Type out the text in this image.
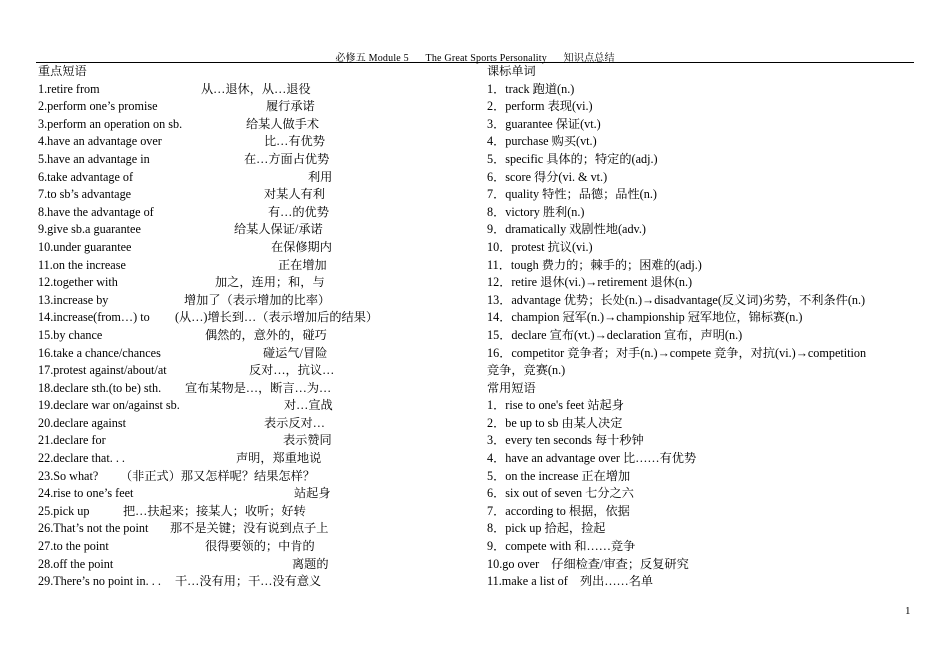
必修五 Module 5 The Great Sports Personality 知识点总结
重点短语
1.retire from	从…退休，从…退役
2.perform one’s promise	履行承诺
3.perform an operation on sb.	给某人做手术
4.have an advantage over	比…有优势
5.have an advantage in	在…方面占优势
6.take advantage of	利用
7.to sb’s advantage	对某人有利
8.have the advantage of	有…的优势
9.give sb.a guarantee	给某人保证/承诺
10.under guarantee	在保修期内
11.on the increase	正在增加
12.together with	加之，连用；和，与
13.increase by	增加了（表示增加的比率）
14.increase(from…) to (从…)增长到…（表示增加后的结果）
15.by chance	偶然的，意外的，碰巧
16.take a chance/chances	碰运气/冒险
17.protest against/about/at	反对…，抗议…
18.declare sth.(to be) sth. 宣布某物是…，断言…为…
19.declare war on/against sb.	对…宣战
20.declare against	表示反对…
21.declare for	表示赞同
22.declare that. . .	声明，郑重地说
23.So what? （非正式）那又怎样呢？结果怎样？
24.rise to one’s feet	站起身
25.pick up	把…扶起来；接某人；收听；好转
26.That’s not the point 那不是关键；没有说到点子上
27.to the point	很得要领的；中肯的
28.off the point	离题的
29.There’s no point in. . . 干…没有用；干…没有意义
课标单词
1．track 跑道(n.)
2．perform 表现(vi.)
3．guarantee 保证(vt.)
4．purchase 购买(vt.)
5．specific 具体的；特定的(adj.)
6．score 得分(vi. & vt.)
7．quality 特性；品德；品性(n.)
8．victory 胜利(n.)
9．dramatically 戏剧性地(adv.)
10．protest 抗议(vi.)
11．tough 费力的；棘手的；困难的(adj.)
12．retire 退休(vi.)→retirement 退休(n.)
13．advantage 优势；长处(n.)→disadvantage(反义词)劣势，不利条件(n.)
14．champion 冠军(n.)→championship 冠军地位，锦标赛(n.)
15．declare 宣布(vt.)→declaration 宣布，声明(n.)
16．competitor 竞争者；对手(n.)→compete 竞争，对抗(vi.)→competition
竞争，竞赛(n.)
常用短语
1．rise to one's feet 站起身
2．be up to sb 由某人决定
3．every ten seconds 每十秒钟
4．have an advantage over 比……有优势
5．on the increase 正在增加
6．six out of seven 七分之六
7．according to 根据，依据
8．pick up 拾起，捡起
9．compete with 和……竞争
10.go over　仔细检查/审查；反复研究
11.make a list of　列出……名单
1
